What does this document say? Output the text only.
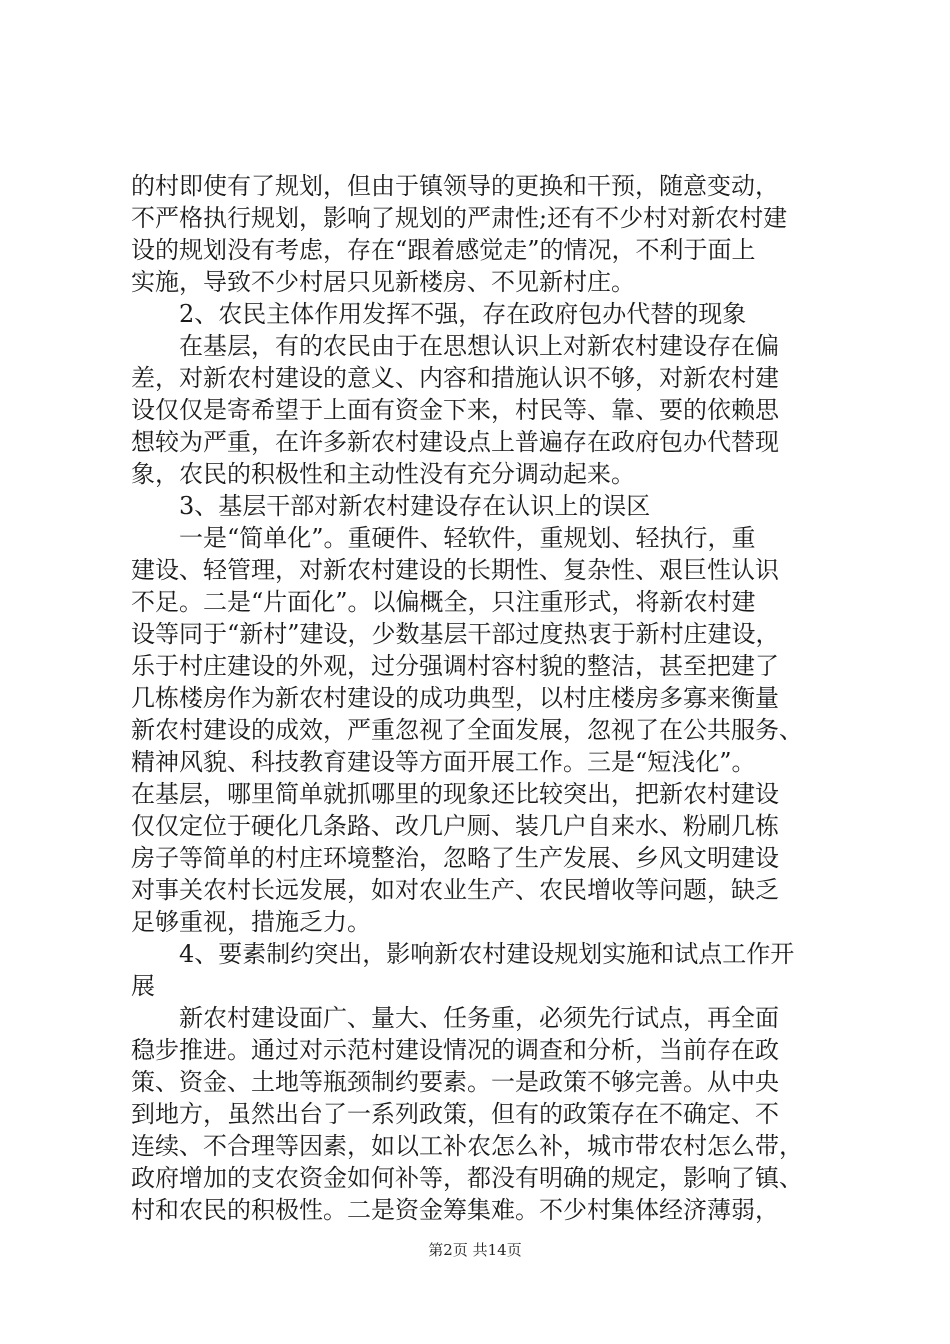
的村即使有了规划，但由于镇领导的更换和干预，随意变动，
不严格执行规划，影响了规划的严肃性;还有不少村对新农村建
设的规划没有考虑，存在“跟着感觉走”的情况，不利于面上
实施，导致不少村居只见新楼房、不见新村庄。
2、农民主体作用发挥不强，存在政府包办代替的现象
在基层，有的农民由于在思想认识上对新农村建设存在偏
差，对新农村建设的意义、内容和措施认识不够，对新农村建
设仅仅是寄希望于上面有资金下来，村民等、靠、要的依赖思
想较为严重，在许多新农村建设点上普遍存在政府包办代替现
象，农民的积极性和主动性没有充分调动起来。
3、基层干部对新农村建设存在认识上的误区
一是“简单化”。重硬件、轻软件，重规划、轻执行，重
建设、轻管理，对新农村建设的长期性、复杂性、艰巨性认识
不足。二是“片面化”。以偏概全，只注重形式，将新农村建
设等同于“新村”建设，少数基层干部过度热衷于新村庄建设，
乐于村庄建设的外观，过分强调村容村貌的整洁，甚至把建了
几栋楼房作为新农村建设的成功典型，以村庄楼房多寡来衡量
新农村建设的成效，严重忽视了全面发展，忽视了在公共服务、
精神风貌、科技教育建设等方面开展工作。三是“短浅化”。
在基层，哪里简单就抓哪里的现象还比较突出，把新农村建设
仅仅定位于硬化几条路、改几户厕、装几户自来水、粉刷几栋
房子等简单的村庄环境整治，忽略了生产发展、乡风文明建设
对事关农村长远发展，如对农业生产、农民增收等问题，缺乏
足够重视，措施乏力。
4、要素制约突出，影响新农村建设规划实施和试点工作开
展
新农村建设面广、量大、任务重，必须先行试点，再全面
稳步推进。通过对示范村建设情况的调查和分析，当前存在政
策、资金、土地等瓶颈制约要素。一是政策不够完善。从中央
到地方，虽然出台了一系列政策，但有的政策存在不确定、不
连续、不合理等因素，如以工补农怎么补，城市带农村怎么带，
政府增加的支农资金如何补等，都没有明确的规定，影响了镇、
村和农民的积极性。二是资金筹集难。不少村集体经济薄弱，
第2页 共14页
